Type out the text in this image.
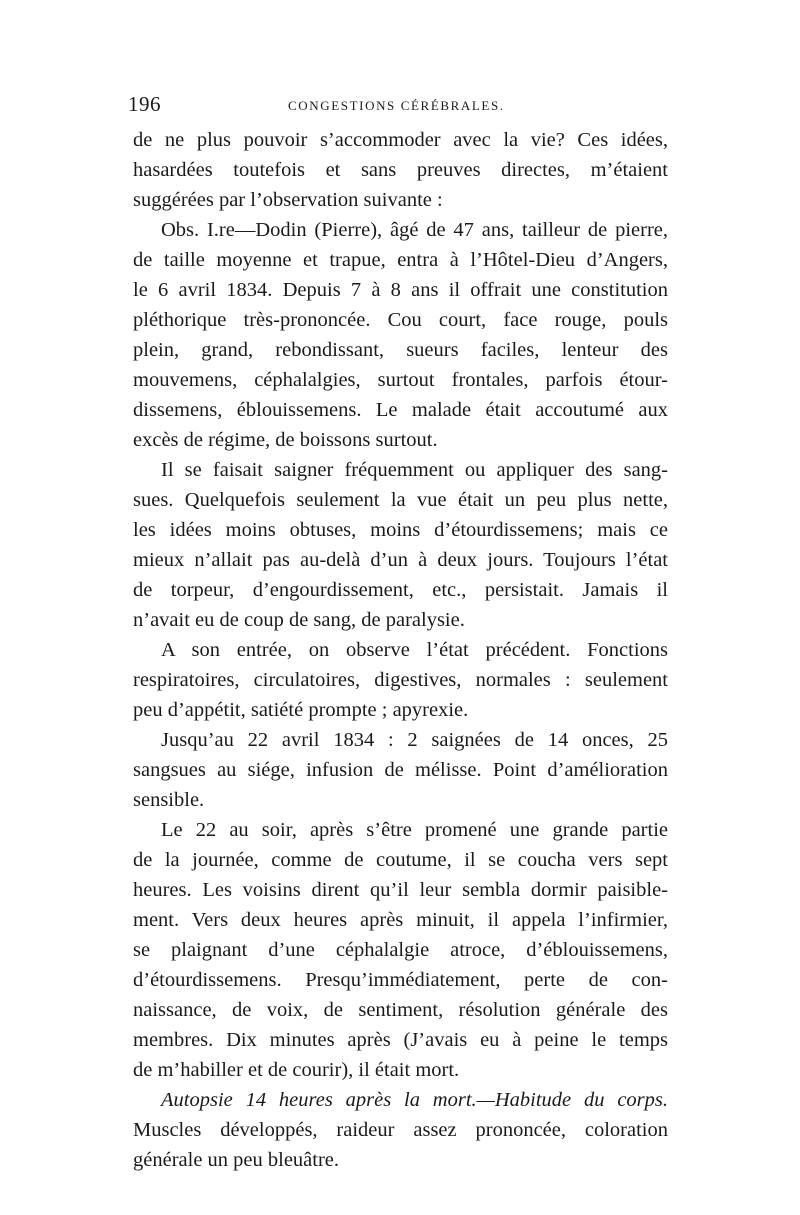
196	CONGESTIONS CÉRÉBRALES.
de ne plus pouvoir s’accommoder avec la vie? Ces idées,
hasardées toutefois et sans preuves directes, m’étaient
suggérées par l’observation suivante :
Obs. I.re—Dodin (Pierre), âgé de 47 ans, tailleur de pierre,
de taille moyenne et trapue, entra à l’Hôtel-Dieu d’Angers,
le 6 avril 1834. Depuis 7 à 8 ans il offrait une constitution
pléthorique très-prononcée. Cou court, face rouge, pouls
plein, grand, rebondissant, sueurs faciles, lenteur des
mouvemens, céphalalgies, surtout frontales, parfois étour-
dissemens, éblouissemens. Le malade était accoutumé aux
excès de régime, de boissons surtout.
Il se faisait saigner fréquemment ou appliquer des sang-
sues. Quelquefois seulement la vue était un peu plus nette,
les idées moins obtuses, moins d’étourdissemens; mais ce
mieux n’allait pas au-delà d’un à deux jours. Toujours l’état
de torpeur, d’engourdissement, etc., persistait. Jamais il
n’avait eu de coup de sang, de paralysie.
A son entrée, on observe l’état précédent. Fonctions
respiratoires, circulatoires, digestives, normales : seulement
peu d’appétit, satiété prompte ; apyrexie.
Jusqu’au 22 avril 1834 : 2 saignées de 14 onces, 25
sangsues au siége, infusion de mélisse. Point d’amélioration
sensible.
Le 22 au soir, après s’être promené une grande partie
de la journée, comme de coutume, il se coucha vers sept
heures. Les voisins dirent qu’il leur sembla dormir paisible-
ment. Vers deux heures après minuit, il appela l’infirmier,
se plaignant d’une céphalalgie atroce, d’éblouissemens,
d’étourdissemens. Presqu’immédiatement, perte de con-
naissance, de voix, de sentiment, résolution générale des
membres. Dix minutes après (J’avais eu à peine le temps
de m’habiller et de courir), il était mort.
Autopsie 14 heures après la mort.—Habitude du corps.
Muscles développés, raideur assez prononcée, coloration
générale un peu bleuâtre.
